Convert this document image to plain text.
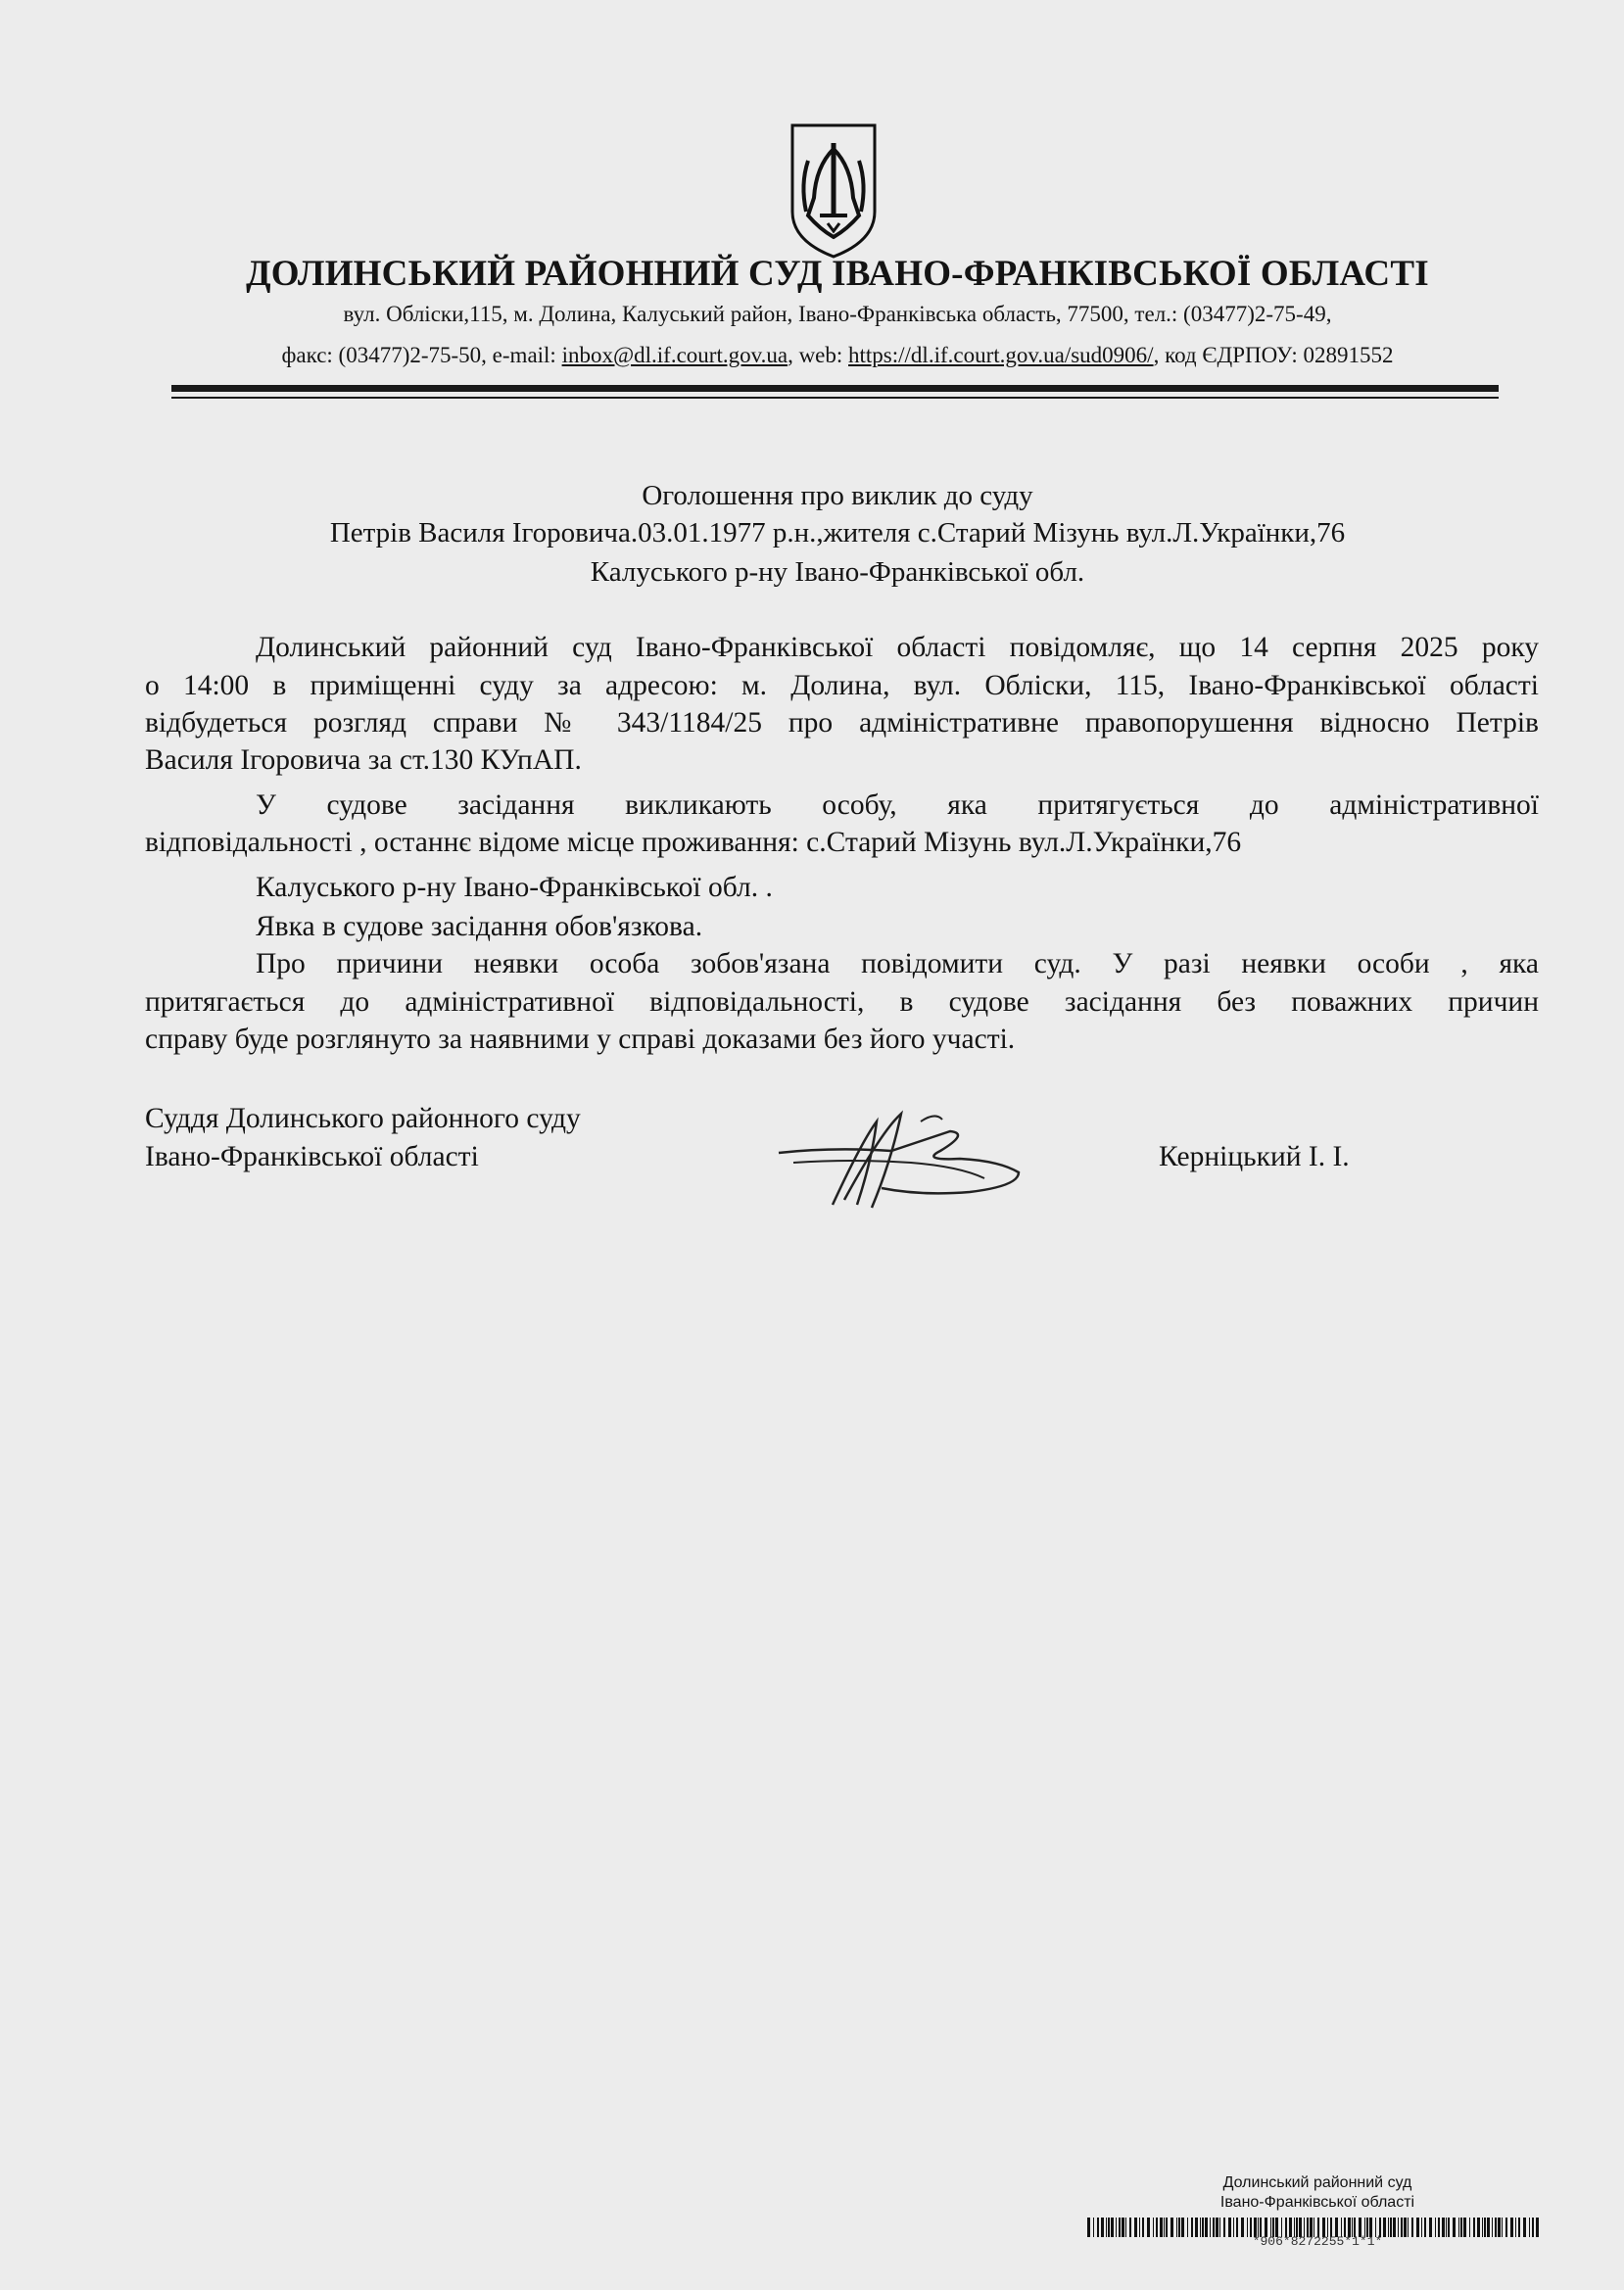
ДОЛИНСЬКИЙ РАЙОННИЙ СУД ІВАНО-ФРАНКІВСЬКОЇ ОБЛАСТІ
вул. Обліски,115, м. Долина, Калуський район, Івано-Франківська область, 77500, тел.: (03477)2-75-49,
факс: (03477)2-75-50, e-mail: inbox@dl.if.court.gov.ua, web: https://dl.if.court.gov.ua/sud0906/, код ЄДРПОУ: 02891552
Оголошення про виклик до суду
Петрів Василя Ігоровича.03.01.1977 р.н.,жителя с.Старий Мізунь вул.Л.Українки,76
Калуського р-ну Івано-Франківської обл.
Долинський районний суд Івано-Франківської області повідомляє, що 14 серпня 2025 року
о 14:00 в приміщенні суду за адресою: м. Долина, вул. Обліски, 115, Івано-Франківської області
відбудеться розгляд справи № 343/1184/25 про адміністративне правопорушення відносно Петрів
Василя Ігоровича за ст.130 КУпАП.
У судове засідання викликають особу, яка притягується до адміністративної
відповідальності , останнє відоме місце проживання: с.Старий Мізунь вул.Л.Українки,76
Калуського р-ну Івано-Франківської обл. .
Явка в судове засідання обов'язкова.
Про причини неявки особа зобов'язана повідомити суд. У разі неявки особи , яка
притягається до адміністративної відповідальності, в судове засідання без поважних причин
справу буде розглянуто за наявними у справі доказами без його участі.
Суддя Долинського районного суду
Івано-Франківської області	Керніцький І. І.
Долинський районний суд
Івано-Франківської області
*906*8272255*1*1*
